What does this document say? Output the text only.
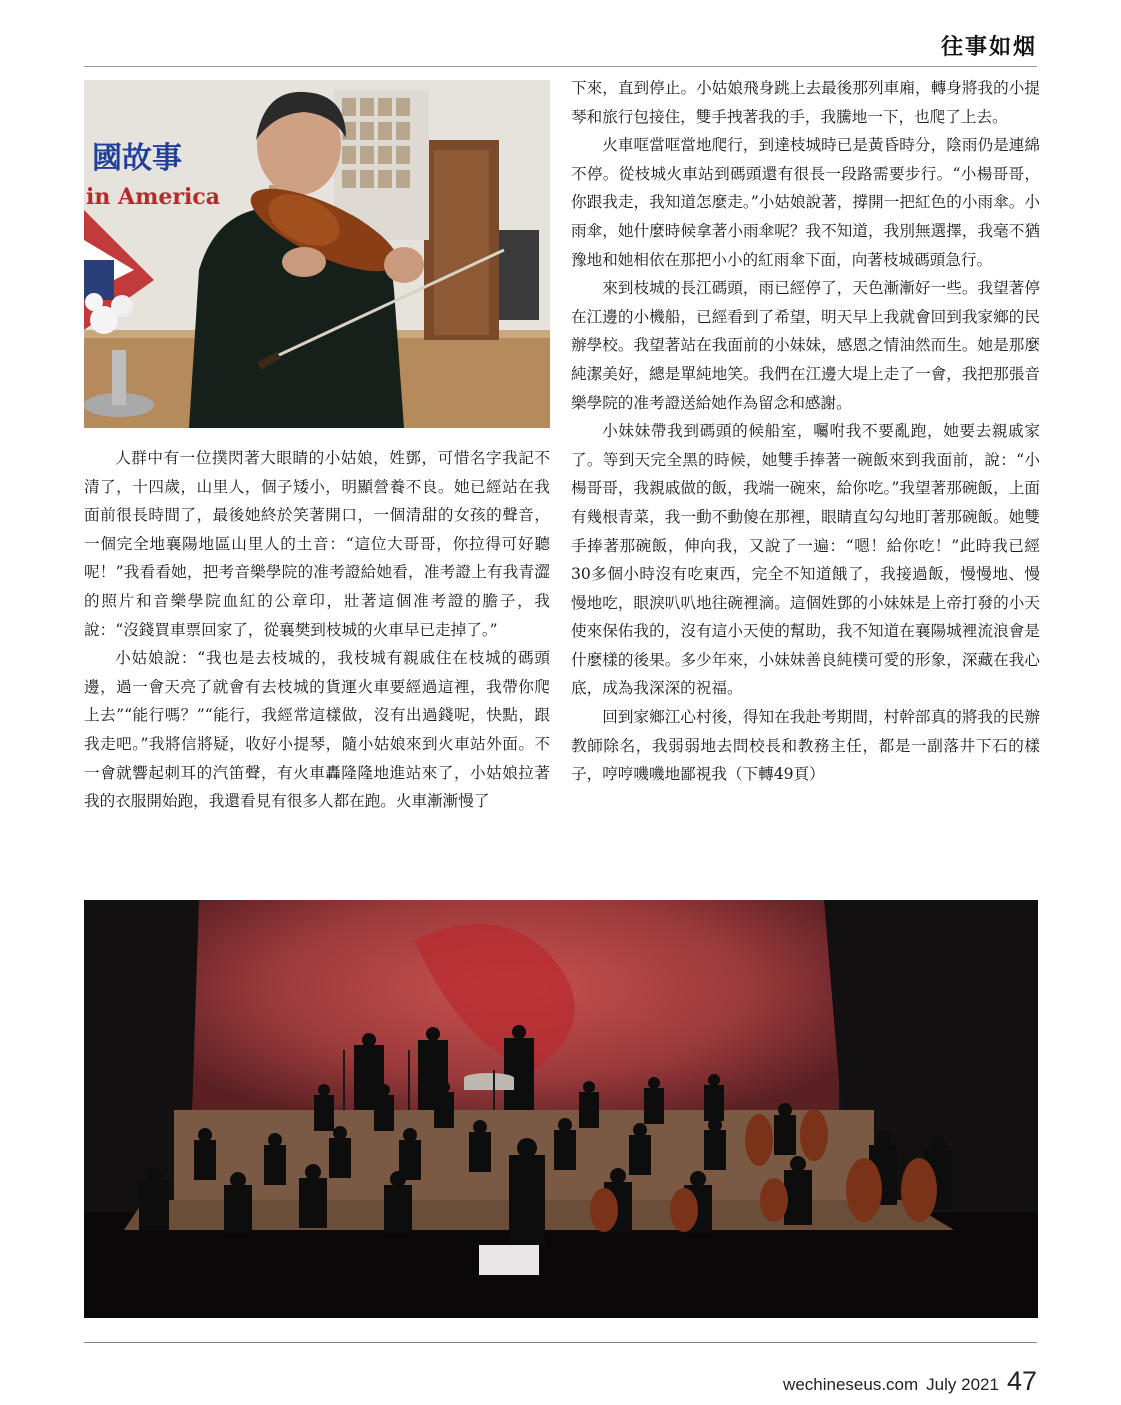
往事如烟
國故事
in America

人群中有一位撲閃著大眼睛的小姑娘，姓鄧，可惜名字我記不清了，十四歲，山里人，個子矮小，明顯營養不良。她已經站在我面前很長時間了，最後她終於笑著開口，一個清甜的女孩的聲音，一個完全地襄陽地區山里人的土音：“這位大哥哥，你拉得可好聽呢！”我看看她，把考音樂學院的准考證給她看，准考證上有我青澀的照片和音樂學院血紅的公章印，壯著這個准考證的膽子，我說：“沒錢買車票回家了，從襄樊到枝城的火車早已走掉了。”

小姑娘說：“我也是去枝城的，我枝城有親戚住在枝城的碼頭邊，過一會天亮了就會有去枝城的貨運火車要經過這裡，我帶你爬上去”“能行嗎？”“能行，我經常這樣做，沒有出過錢呢，快點，跟我走吧。”我將信將疑，收好小提琴，隨小姑娘來到火車站外面。不一會就響起刺耳的汽笛聲，有火車轟隆隆地進站來了，小姑娘拉著我的衣服開始跑，我還看見有很多人都在跑。火車漸漸慢了

下來，直到停止。小姑娘飛身跳上去最後那列車廂，轉身將我的小提琴和旅行包接住，雙手拽著我的手，我騰地一下，也爬了上去。

火車哐當哐當地爬行，到達枝城時已是黃昏時分，陰雨仍是連綿不停。從枝城火車站到碼頭還有很長一段路需要步行。“小楊哥哥，你跟我走，我知道怎麼走。”小姑娘說著，撐開一把紅色的小雨傘。小雨傘，她什麼時候拿著小雨傘呢？我不知道，我別無選擇，我毫不猶豫地和她相依在那把小小的紅雨傘下面，向著枝城碼頭急行。

來到枝城的長江碼頭，雨已經停了，天色漸漸好一些。我望著停在江邊的小機船，已經看到了希望，明天早上我就會回到我家鄉的民辦學校。我望著站在我面前的小妹妹，感恩之情油然而生。她是那麼純潔美好，總是單純地笑。我們在江邊大堤上走了一會，我把那張音樂學院的准考證送給她作為留念和感謝。

小妹妹帶我到碼頭的候船室，囑咐我不要亂跑，她要去親戚家了。等到天完全黑的時候，她雙手捧著一碗飯來到我面前，說：“小楊哥哥，我親戚做的飯，我端一碗來，給你吃。”我望著那碗飯，上面有幾根青菜，我一動不動傻在那裡，眼睛直勾勾地盯著那碗飯。她雙手捧著那碗飯，伸向我，又說了一遍：“嗯！給你吃！”此時我已經30多個小時沒有吃東西，完全不知道餓了，我接過飯，慢慢地、慢慢地吃，眼淚叭叭地往碗裡滴。這個姓鄧的小妹妹是上帝打發的小天使來保佑我的，沒有這小天使的幫助，我不知道在襄陽城裡流浪會是什麼樣的後果。多少年來，小妹妹善良純樸可愛的形象，深藏在我心底，成為我深深的祝福。

回到家鄉江心村後，得知在我赴考期間，村幹部真的將我的民辦教師除名，我弱弱地去問校長和教務主任，都是一副落井下石的樣子，哼哼嘰嘰地鄙視我（下轉49頁）

wechineseus.com July 2021 47
